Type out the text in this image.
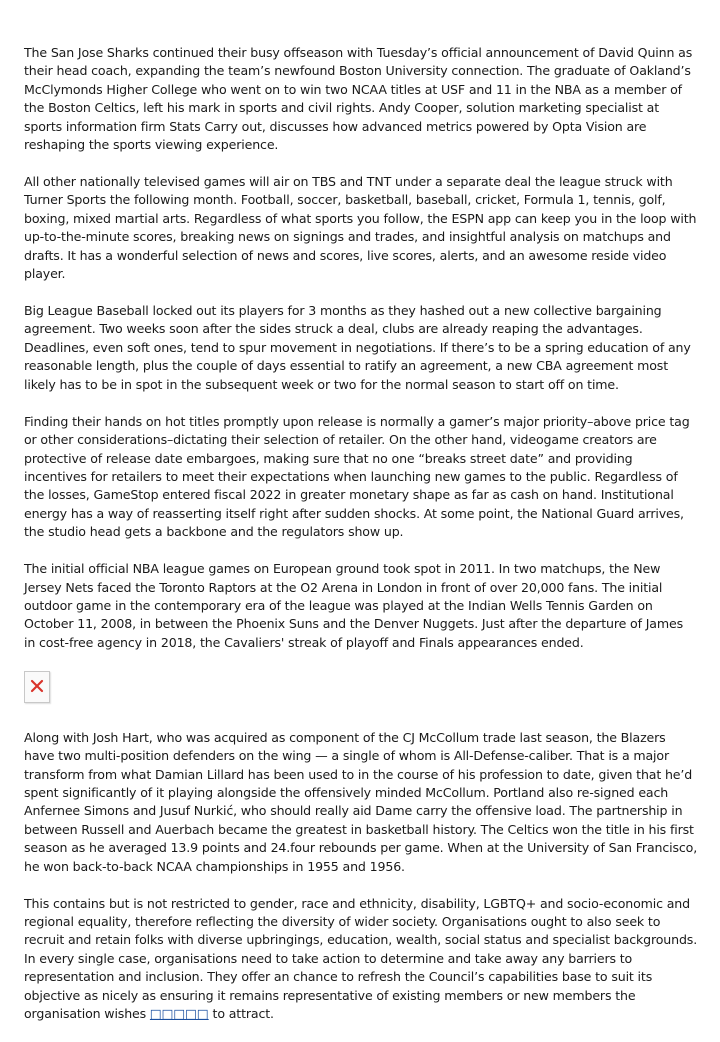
The San Jose Sharks continued their busy offseason with Tuesday’s official announcement of David Quinn as their head coach, expanding the team’s newfound Boston University connection. The graduate of Oakland’s McClymonds Higher College who went on to win two NCAA titles at USF and 11 in the NBA as a member of the Boston Celtics, left his mark in sports and civil rights. Andy Cooper, solution marketing specialist at sports information firm Stats Carry out, discusses how advanced metrics powered by Opta Vision are reshaping the sports viewing experience.

All other nationally televised games will air on TBS and TNT under a separate deal the league struck with Turner Sports the following month. Football, soccer, basketball, baseball, cricket, Formula 1, tennis, golf, boxing, mixed martial arts. Regardless of what sports you follow, the ESPN app can keep you in the loop with up-to-the-minute scores, breaking news on signings and trades, and insightful analysis on matchups and drafts. It has a wonderful selection of news and scores, live scores, alerts, and an awesome reside video player.

Big League Baseball locked out its players for 3 months as they hashed out a new collective bargaining agreement. Two weeks soon after the sides struck a deal, clubs are already reaping the advantages. Deadlines, even soft ones, tend to spur movement in negotiations. If there’s to be a spring education of any reasonable length, plus the couple of days essential to ratify an agreement, a new CBA agreement most likely has to be in spot in the subsequent week or two for the normal season to start off on time.

Finding their hands on hot titles promptly upon release is normally a gamer’s major priority–above price tag or other considerations–dictating their selection of retailer. On the other hand, videogame creators are protective of release date embargoes, making sure that no one “breaks street date” and providing incentives for retailers to meet their expectations when launching new games to the public. Regardless of the losses, GameStop entered fiscal 2022 in greater monetary shape as far as cash on hand. Institutional energy has a way of reasserting itself right after sudden shocks. At some point, the National Guard arrives, the studio head gets a backbone and the regulators show up.

The initial official NBA league games on European ground took spot in 2011. In two matchups, the New Jersey Nets faced the Toronto Raptors at the O2 Arena in London in front of over 20,000 fans. The initial outdoor game in the contemporary era of the league was played at the Indian Wells Tennis Garden on October 11, 2008, in between the Phoenix Suns and the Denver Nuggets. Just after the departure of James in cost-free agency in 2018, the Cavaliers' streak of playoff and Finals appearances ended.

Along with Josh Hart, who was acquired as component of the CJ McCollum trade last season, the Blazers have two multi-position defenders on the wing — a single of whom is All-Defense-caliber. That is a major transform from what Damian Lillard has been used to in the course of his profession to date, given that he’d spent significantly of it playing alongside the offensively minded McCollum. Portland also re-signed each Anfernee Simons and Jusuf Nurkić, who should really aid Dame carry the offensive load. The partnership in between Russell and Auerbach became the greatest in basketball history. The Celtics won the title in his first season as he averaged 13.9 points and 24.four rebounds per game. When at the University of San Francisco, he won back-to-back NCAA championships in 1955 and 1956.

This contains but is not restricted to gender, race and ethnicity, disability, LGBTQ+ and socio-economic and regional equality, therefore reflecting the diversity of wider society. Organisations ought to also seek to recruit and retain folks with diverse upbringings, education, wealth, social status and specialist backgrounds. In every single case, organisations need to take action to determine and take away any barriers to representation and inclusion. They offer an chance to refresh the Council’s capabilities base to suit its objective as nicely as ensuring it remains representative of existing members or new members the organisation wishes □□□□□ to attract.
